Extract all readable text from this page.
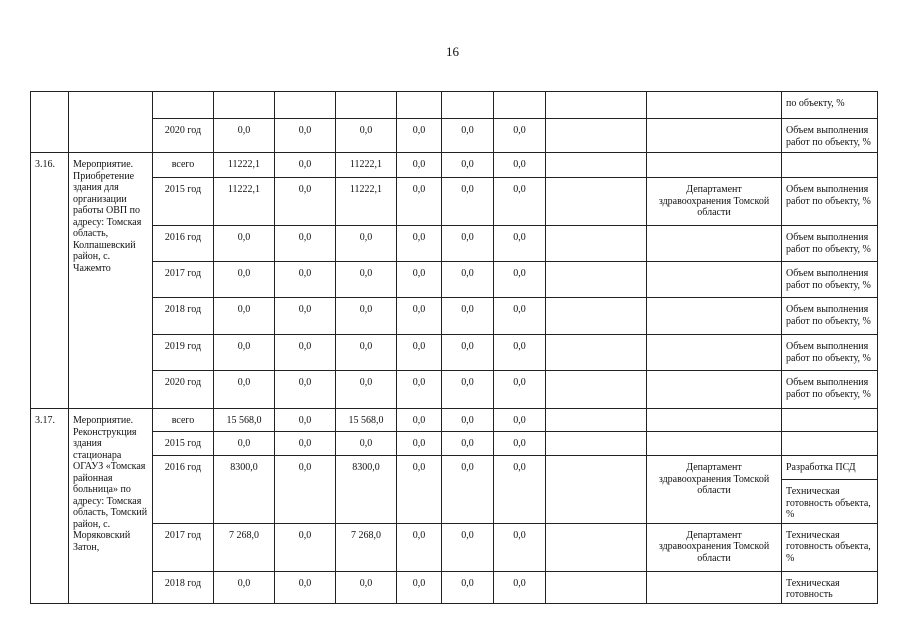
16
											по объекту, %	
		2020 год	0,0	0,0	0,0	0,0	0,0	0,0			Объем выполнения работ по объекту, %	
3.16.	Мероприятие. Приобретение здания для организации работы ОВП по адресу: Томская область, Колпашевский район, с. Чажемто	всего	11222,1	0,0	11222,1	0,0	0,0	0,0				
		2015 год	11222,1	0,0	11222,1	0,0	0,0	0,0		Департамент здравоохранения Томской области	Объем выполнения работ по объекту, %	
		2016 год	0,0	0,0	0,0	0,0	0,0	0,0			Объем выполнения работ по объекту, %	
		2017 год	0,0	0,0	0,0	0,0	0,0	0,0			Объем выполнения работ по объекту, %	
		2018 год	0,0	0,0	0,0	0,0	0,0	0,0			Объем выполнения работ по объекту, %	
		2019 год	0,0	0,0	0,0	0,0	0,0	0,0			Объем выполнения работ по объекту, %	
		2020 год	0,0	0,0	0,0	0,0	0,0	0,0			Объем выполнения работ по объекту, %	
3.17.	Мероприятие. Реконструкция здания стационара ОГАУЗ «Томская районная больница» по адресу: Томская область, Томский район, с. Моряковский Затон,	всего	15 568,0	0,0	15 568,0	0,0	0,0	0,0				
		2015 год	0,0	0,0	0,0	0,0	0,0	0,0				
		2016 год	8300,0	0,0	8300,0	0,0	0,0	0,0		Департамент здравоохранения Томской области	Разработка ПСД	
											Техническая готовность объекта, %	
		2017 год	7 268,0	0,0	7 268,0	0,0	0,0	0,0		Департамент здравоохранения Томской области	Техническая готовность объекта, %	
		2018 год	0,0	0,0	0,0	0,0	0,0	0,0			Техническая готовность	
